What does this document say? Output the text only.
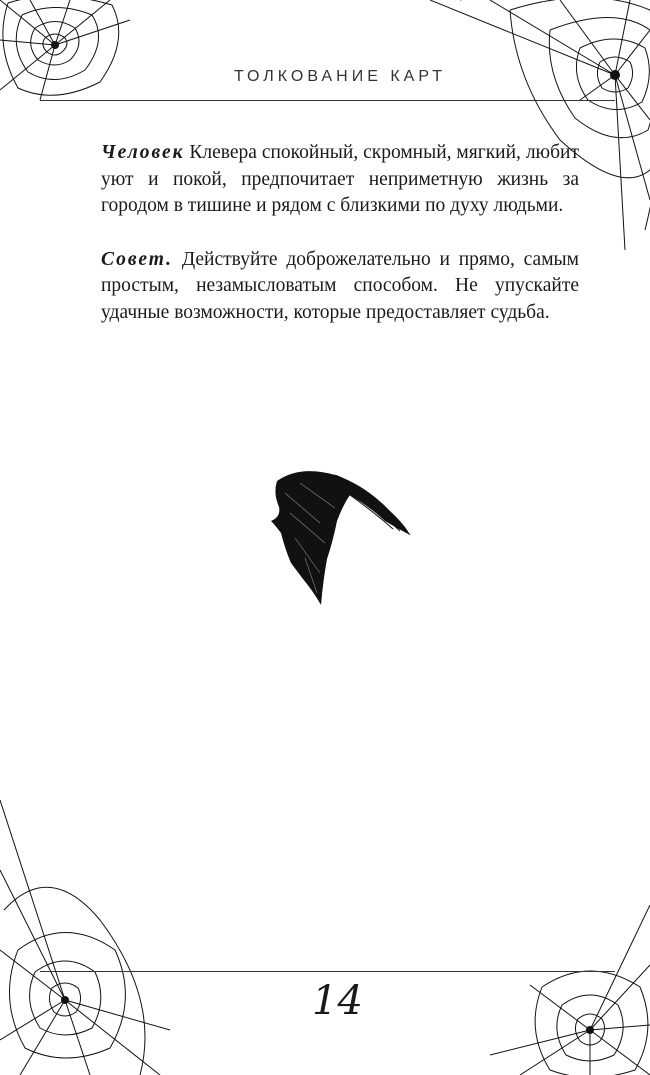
ТОЛКОВАНИЕ КАРТ

Человек Клевера спокойный, скромный, мягкий, любит уют и покой, предпочитает неприметную жизнь за городом в тишине и рядом с близкими по духу людьми.

Совет. Действуйте доброжелательно и прямо, самым простым, незамысловатым способом. Не упускайте удачные возможности, которые предоставляет судьба.

14
